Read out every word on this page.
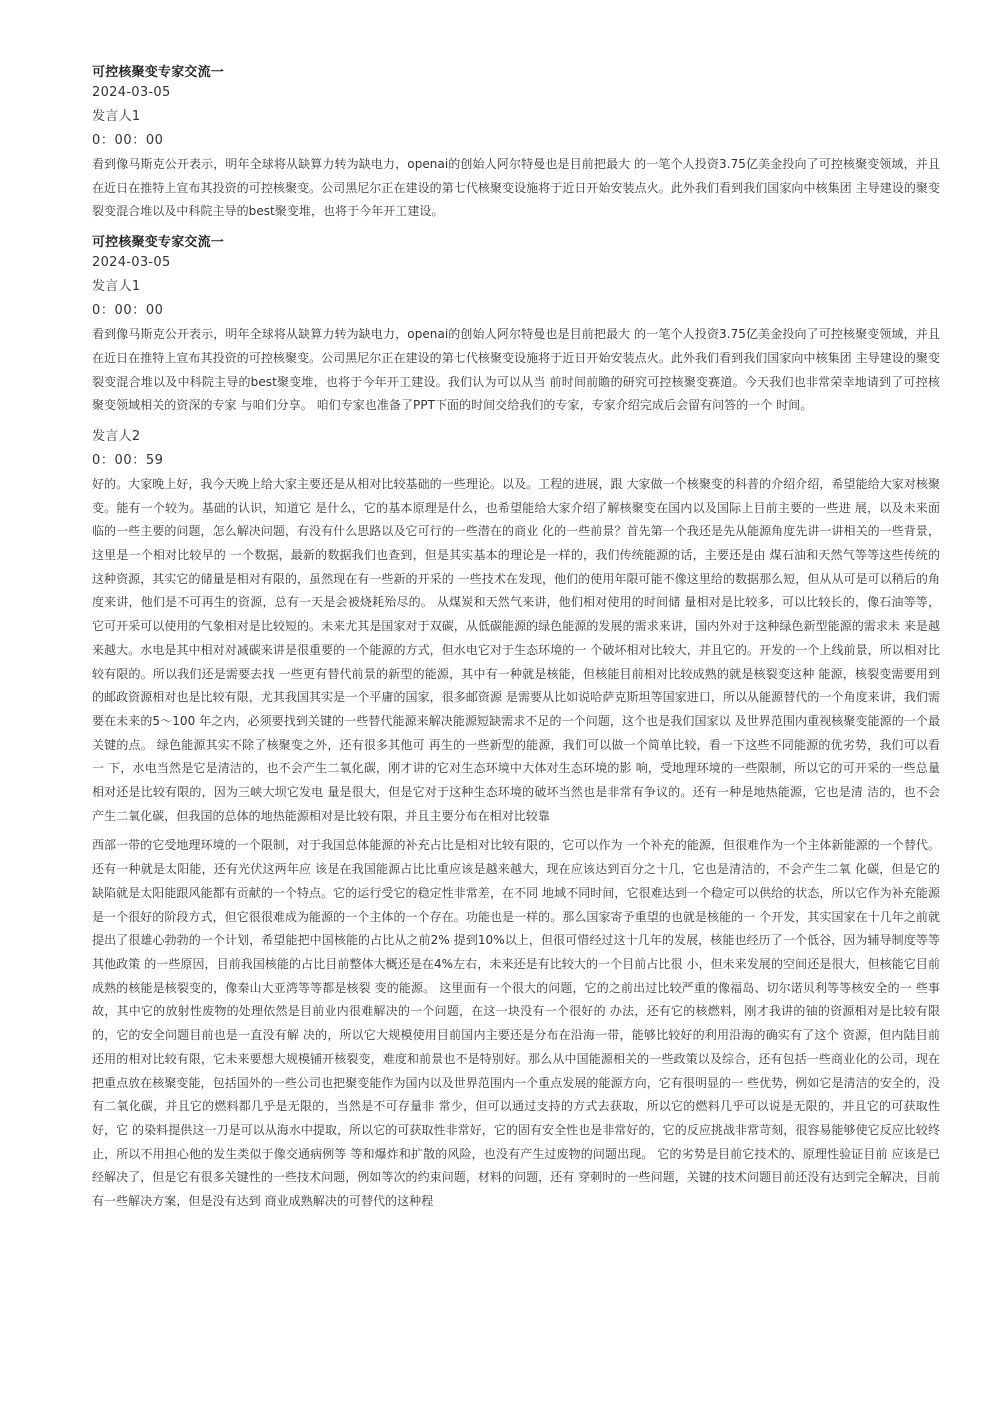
可控核聚变专家交流一
2024-03-05
发言人1
0：00：00

看到像马斯克公开表示，明年全球将从缺算力转为缺电力，openai的创始人阿尔特曼也是目前把最大 的一笔个人投资3.75亿美金投向了可控核聚变领域，并且在近日在推特上宣布其投资的可控核聚变。公司黑尼尔正在建设的第七代核聚变设施将于近日开始安装点火。此外我们看到我们国家向中核集团 主导建设的聚变裂变混合堆以及中科院主导的best聚变堆，也将于今年开工建设。

可控核聚变专家交流一
2024-03-05
发言人1
0：00：00

看到像马斯克公开表示，明年全球将从缺算力转为缺电力，openai的创始人阿尔特曼也是目前把最大 的一笔个人投资3.75亿美金投向了可控核聚变领域，并且在近日在推特上宣布其投资的可控核聚变。公司黑尼尔正在建设的第七代核聚变设施将于近日开始安装点火。此外我们看到我们国家向中核集团 主导建设的聚变裂变混合堆以及中科院主导的best聚变堆，也将于今年开工建设。我们认为可以从当 前时间前瞻的研究可控核聚变赛道。今天我们也非常荣幸地请到了可控核聚变领域相关的资深的专家 与咱们分享。 咱们专家也准备了PPT下面的时间交给我们的专家，专家介绍完成后会留有问答的一个 时间。

发言人2
0：00：59

好的。大家晚上好，我今天晚上给大家主要还是从相对比较基础的一些理论。以及。工程的进展，跟 大家做一个核聚变的科普的介绍介绍，希望能给大家对核聚变。能有一个较为。基础的认识，知道它 是什么，它的基本原理是什么，也希望能给大家介绍了解核聚变在国内以及国际上目前主要的一些进 展，以及未来面临的一些主要的问题，怎么解决问题，有没有什么思路以及它可行的一些潜在的商业 化的一些前景？首先第一个我还是先从能源角度先讲一讲相关的一些背景，这里是一个相对比较早的 一个数据，最新的数据我们也查到，但是其实基本的理论是一样的，我们传统能源的话，主要还是由 煤石油和天然气等等这些传统的这种资源，其实它的储量是相对有限的，虽然现在有一些新的开采的 一些技术在发现，他们的使用年限可能不像这里给的数据那么短，但从从可是可以稍后的角度来讲，他们是不可再生的资源，总有一天是会被烧耗殆尽的。 从煤炭和天然气来讲，他们相对使用的时间储 量相对是比较多，可以比较长的，像石油等等，它可开采可以使用的气象相对是比较短的。未来尤其是国家对于双碳，从低碳能源的绿色能源的发展的需求来讲，国内外对于这种绿色新型能源的需求未 来是越来越大。水电是其中相对对减碳来讲是很重要的一个能源的方式，但水电它对于生态环境的一 个破坏相对比较大，并且它的。开发的一个上线前景，所以相对比较有限的。所以我们还是需要去找 一些更有替代前景的新型的能源，其中有一种就是核能，但核能目前相对比较成熟的就是核裂变这种 能源，核裂变需要用到的邮政资源相对也是比较有限，尤其我国其实是一个平庸的国家，很多邮资源 是需要从比如说哈萨克斯坦等国家进口，所以从能源替代的一个角度来讲，我们需要在未来的5～100 年之内，必须要找到关键的一些替代能源来解决能源短缺需求不足的一个问题，这个也是我们国家以 及世界范围内重视核聚变能源的一个最关键的点。 绿色能源其实不除了核聚变之外，还有很多其他可 再生的一些新型的能源，我们可以做一个简单比较，看一下这些不同能源的优劣势，我们可以看一 下，水电当然是它是清洁的，也不会产生二氧化碳，刚才讲的它对生态环境中大体对生态环境的影 响，受地理环境的一些限制，所以它的可开采的一些总量相对还是比较有限的，因为三峡大坝它发电 量是很大，但是它对于这种生态环境的破坏当然也是非常有争议的。还有一种是地热能源，它也是清 洁的，也不会产生二氧化碳，但我国的总体的地热能源相对是比较有限，并且主要分布在相对比较靠

西部一带的它受地理环境的一个限制，对于我国总体能源的补充占比是相对比较有限的，它可以作为 一个补充的能源，但很难作为一个主体新能源的一个替代。 还有一种就是太阳能，还有光伏这两年应 该是在我国能源占比比重应该是越来越大，现在应该达到百分之十几，它也是清洁的，不会产生二氧 化碳，但是它的缺陷就是太阳能跟风能都有贡献的一个特点。它的运行受它的稳定性非常差，在不同 地域不同时间，它很难达到一个稳定可以供给的状态，所以它作为补充能源是一个很好的阶段方式，但它很很难成为能源的一个主体的一个存在。功能也是一样的。那么国家寄予重望的也就是核能的一 个开发，其实国家在十几年之前就提出了很雄心勃勃的一个计划，希望能把中国核能的占比从之前2% 提到10%以上，但很可惜经过这十几年的发展，核能也经历了一个低谷，因为辅导制度等等其他政策 的一些原因，目前我国核能的占比目前整体大概还是在4%左右，未来还是有比较大的一个目前占比很 小，但未来发展的空间还是很大，但核能它目前成熟的核能是核裂变的，像秦山大亚湾等等都是核裂 变的能源。 这里面有一个很大的问题，它的之前出过比较严重的像福岛、切尔诺贝利等等核安全的一 些事故，其中它的放射性废物的处理依然是目前业内很难解决的一个问题，在这一块没有一个很好的 办法，还有它的核燃料，刚才我讲的铀的资源相对是比较有限的，它的安全问题目前也是一直没有解 决的，所以它大规模使用目前国内主要还是分布在沿海一带，能够比较好的利用沿海的确实有了这个 资源，但内陆目前还用的相对比较有限，它未来要想大规模铺开核裂变，难度和前景也不是特别好。那么从中国能源相关的一些政策以及综合，还有包括一些商业化的公司，现在把重点放在核聚变能，包括国外的一些公司也把聚变能作为国内以及世界范围内一个重点发展的能源方向，它有很明显的一 些优势，例如它是清洁的安全的，没有二氧化碳，并且它的燃料都几乎是无限的，当然是不可存量非 常少，但可以通过支持的方式去获取，所以它的燃料几乎可以说是无限的，并且它的可获取性好，它 的染料提供这一刀是可以从海水中提取，所以它的可获取性非常好，它的固有安全性也是非常好的，它的反应挑战非常苛刻，很容易能够使它反应比较终止，所以不用担心他的发生类似于像交通病例等 等和爆炸和扩散的风险，也没有产生过废物的问题出现。 它的劣势是目前它技术的、原理性验证目前 应该是已经解决了，但是它有很多关键性的一些技术问题，例如等次的约束问题，材料的问题，还有 穿刺时的一些问题，关键的技术问题目前还没有达到完全解决，目前有一些解决方案，但是没有达到 商业成熟解决的可替代的这种程
